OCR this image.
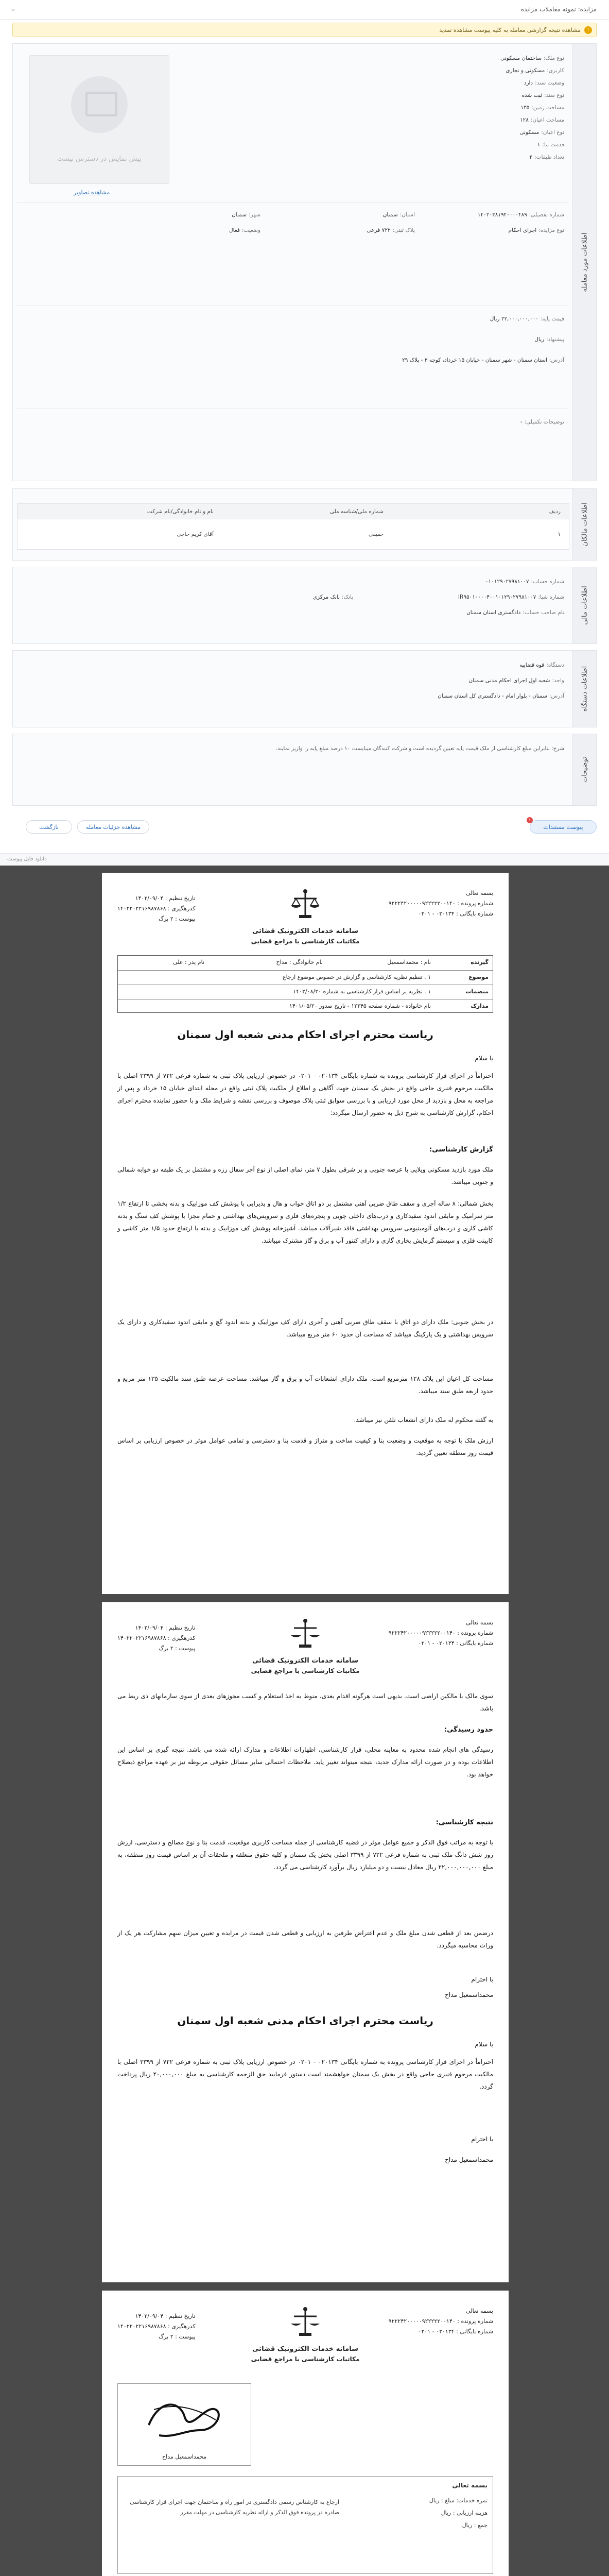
مزایده: نمونه معاملات مزایده
⌄
!
مشاهده نتیجه گزارشی معامله به کلیه پیوست مشاهده تمدید
اطلاعات مورد معامله
پیش نمایش در دسترس نیست
مشاهده تصاویر
نوع ملک:ساختمان مسکونی
کاربری:مسکونی و تجاری
وضعیت سند:دارد
نوع سند:ثبت شده
مساحت زمین:۱۳۵
مساحت اعیان:۱۲۸
نوع اعیان:مسکونی
قدمت بنا:۱
تعداد طبقات:۲
شماره تفصیلی:۱۴۰۲۰۳۸۱۹۴۰۰۰۰۴۸۹
استان:سمنان
شهر:سمنان
نوع مزایده:اجرای احکام
پلاک ثبتی:۷۲۲ فرعی
وضعیت:فعال
قیمت پایه:۲۲,۰۰۰,۰۰۰,۰۰۰ ریال
پیشنهاد:ریال
آدرس:استان سمنان - شهر سمنان - خیابان ۱۵ خرداد، کوچه ۳ - پلاک ۲۹
توضیحات تکمیلی:-
اطلاعات مالکان
ردیف
شماره ملی/شناسه ملی
نام و نام خانوادگی/نام شرکت
۱
حقیقی
آقای کریم حاجی
اطلاعات مالی
شماره حساب:۰۱۰۱۲۹۰۲۷۹۸۱۰۰۷
شماره شبا:IR۹۵۰۱۰۰۰۰۴۰۰۱۰۱۲۹۰۲۷۹۸۱۰۰۷
بانک:بانک مرکزی
نام صاحب حساب:دادگستری استان سمنان
اطلاعات دستگاه
دستگاه:قوه قضاییه
واحد:شعبه اول اجرای احکام مدنی سمنان
آدرس:سمنان - بلوار امام - دادگستری کل استان سمنان
توضیحات
شرح: بنابراین مبلغ کارشناسی از ملک قیمت پایه تعیین گردیده است و شرکت کنندگان میبایست ۱۰ درصد مبلغ پایه را واریز نمایند.
پیوست مستندات
۱
مشاهده جزئیات معامله
بازگشت
دانلود فایل پیوست
بسمه تعالی
شماره پرونده : ۹۲۲۲۴۲۰۰۰۰۰۹۲۲۲۲۲۰۰۱۴۰
شماره بایگانی : ۰۲۰۱۳۴ - ۰۲۰۱
تاریخ تنظیم : ۱۴۰۲/۰۹/۰۴
کدرهگیری : ۱۴۰۲۲۰۲۲۱۶۹۸۷۸۶۸
پیوست : ۲ برگ
سامانه خدمات الکترونیک قضائی
مکاتبات کارشناسی با مراجع قضایی
گیرنده
نام : محمداسمعیل
نام خانوادگی : مداح
نام پدر : علی
موضوع
۱ . تنظیم نظریه کارشناسی و گزارش در خصوص موضوع ارجاع
منضمات
۱ . نظریه بر اساس قرار کارشناسی به شماره ۱۴۰۲/۰۸/۲۰
مدارک
نام خانواده - شماره صفحه ۱۲۳۴۵ - تاریخ صدور ۱۴۰۱/۰۵/۲۰
ریاست محترم اجرای احکام مدنی شعبه اول سمنان
با سلام
احتراماً در اجرای قرار کارشناسی پرونده به شماره بایگانی ۰۲۰۱۳۴ - ۰۲۰۱ در خصوص ارزیابی پلاک ثبتی به شماره فرعی ۷۲۲ از ۳۳۹۹ اصلی با مالکیت مرحوم قنبری جاجی واقع در بخش یک سمنان جهت آگاهی و اطلاع از ملکیت پلاک ثبتی واقع در محله ابتدای خیابان ۱۵ خرداد و پس از مراجعه به محل و بازدید از محل مورد ارزیابی و با بررسی سوابق ثبتی پلاک موصوف و بررسی نقشه و شرایط ملک و با حضور نماینده محترم اجرای احکام، گزارش کارشناسی به شرح ذیل به حضور ارسال میگردد:
گزارش کارشناسی:
ملک مورد بازدید مسکونی ویلایی با عرصه جنوبی و بر شرقی بطول ۷ متر، نمای اصلی از نوع آجر سفال رزه و مشتمل بر یک طبقه دو خوابه شمالی و جنوبی میباشد.
بخش شمالی: ۸ ساله آجری و سقف طاق ضربی آهنی مشتمل بر دو اتاق خواب و هال و پذیرایی با پوشش کف موزاییک و بدنه بخشی تا ارتفاع ۱/۲ متر سرامیک و مابقی اندود سفیدکاری و درب‌های داخلی چوبی و پنجره‌های فلزی و سرویس‌های بهداشتی و حمام مجزا با پوشش کف سنگ و بدنه کاشی کاری و درب‌های آلومینیومی سرویس بهداشتی فاقد شیرآلات میباشد. آشپزخانه پوشش کف موزاییک و بدنه با ارتفاع حدود ۱/۵ متر کاشی و کابینت فلزی و سیستم گرمایش بخاری گازی و دارای کنتور آب و برق و گاز مشترک میباشد.
در بخش جنوبی: ملک دارای دو اتاق با سقف طاق ضربی آهنی و آجری دارای کف موزاییک و بدنه اندود گچ و مابقی اندود سفیدکاری و دارای یک سرویس بهداشتی و یک پارکینگ میباشد که مساحت آن حدود ۶۰ متر مربع میباشد.
مساحت کل اعیان این پلاک ۱۲۸ مترمربع است. ملک دارای انشعابات آب و برق و گاز میباشد. مساحت عرصه طبق سند مالکیت ۱۳۵ متر مربع و حدود اربعه طبق سند میباشد.
به گفته محکوم له ملک دارای انشعاب تلفن نیز میباشد.
ارزش ملک با توجه به موقعیت و وضعیت بنا و کیفیت ساخت و متراژ و قدمت بنا و دسترسی و تمامی عوامل موثر در خصوص ارزیابی بر اساس قیمت روز منطقه تعیین گردید.
بسمه تعالی
شماره پرونده : ۹۲۲۲۴۲۰۰۰۰۰۹۲۲۲۲۲۰۰۱۴۰
شماره بایگانی : ۰۲۰۱۳۴ - ۰۲۰۱
تاریخ تنظیم : ۱۴۰۲/۰۹/۰۴
کدرهگیری : ۱۴۰۲۲۰۲۲۱۶۹۸۷۸۶۸
پیوست : ۲ برگ
سامانه خدمات الکترونیک قضائی
مکاتبات کارشناسی با مراجع قضایی
سوی مالک با مالکین اراضی است. بدیهی است هرگونه اقدام بعدی، منوط به اخذ استعلام و کسب مجوزهای بعدی از سوی سازمانهای ذی ربط می باشد.
حدود رسیدگی:
رسیدگی های انجام شده محدود به معاینه محلی، قرار کارشناسی، اظهارات اطلاعات و مدارک ارائه شده می باشد. نتیجه گیری بر اساس این اطلاعات بوده و در صورت ارائه مدارک جدید، نتیجه میتواند تغییر یابد. ملاحظات احتمالی سایر مسائل حقوقی مربوطه نیز بر عهده مراجع ذیصلاح خواهد بود.
نتیجه کارشناسی:
با توجه به مراتب فوق الذکر و جمیع عوامل موثر در قضیه کارشناسی از جمله مساحت کاربری موقعیت، قدمت بنا و نوع مصالح و دسترسی، ارزش روز شش دانگ ملک ثبتی به شماره فرعی ۷۲۲ از ۳۳۹۹ اصلی بخش یک سمنان و کلیه حقوق متعلقه و ملحقات آن بر اساس قیمت روز منطقه، به مبلغ ۲۲,۰۰۰,۰۰۰,۰۰۰ ریال معادل بیست و دو میلیارد ریال برآورد کارشناسی می گردد.
درضمن بعد از قطعی شدن مبلغ ملک و عدم اعتراض طرفین به ارزیابی و قطعی شدن قیمت در مزایده و تعیین میزان سهم مشارکت هر یک از وراث محاسبه میگردد.
با احترام
محمداسمعیل مداح
ریاست محترم اجرای احکام مدنی شعبه اول سمنان
با سلام
احتراماً در اجرای قرار کارشناسی پرونده به شماره بایگانی ۰۲۰۱۳۴ - ۰۲۰۱ در خصوص ارزیابی پلاک ثبتی به شماره فرعی ۷۲۲ از ۳۳۹۹ اصلی با مالکیت مرحوم قنبری جاجی واقع در بخش یک سمنان خواهشمند است دستور فرمایید حق الزحمه کارشناسی به مبلغ ۲۰,۰۰۰,۰۰۰ ریال پرداخت گردد.
با احترام
محمداسمعیل مداح
بسمه تعالی
شماره پرونده : ۹۲۲۲۴۲۰۰۰۰۰۹۲۲۲۲۲۰۰۱۴۰
شماره بایگانی : ۰۲۰۱۳۴ - ۰۲۰۱
تاریخ تنظیم : ۱۴۰۲/۰۹/۰۴
کدرهگیری : ۱۴۰۲۲۰۲۲۱۶۹۸۷۸۶۸
پیوست : ۲ برگ
سامانه خدمات الکترونیک قضائی
مکاتبات کارشناسی با مراجع قضایی
محمداسمعیل مداح
بسمه تعالی
ثمره خدمات: مبلغ : ریال
هزینه ارزیابی : ریال
جمع : ریال
ارجاع به کارشناس رسمی دادگستری در امور راه و ساختمان جهت اجرای قرار کارشناسی صادره در پرونده فوق الذکر و ارائه نظریه کارشناسی در مهلت مقرر
